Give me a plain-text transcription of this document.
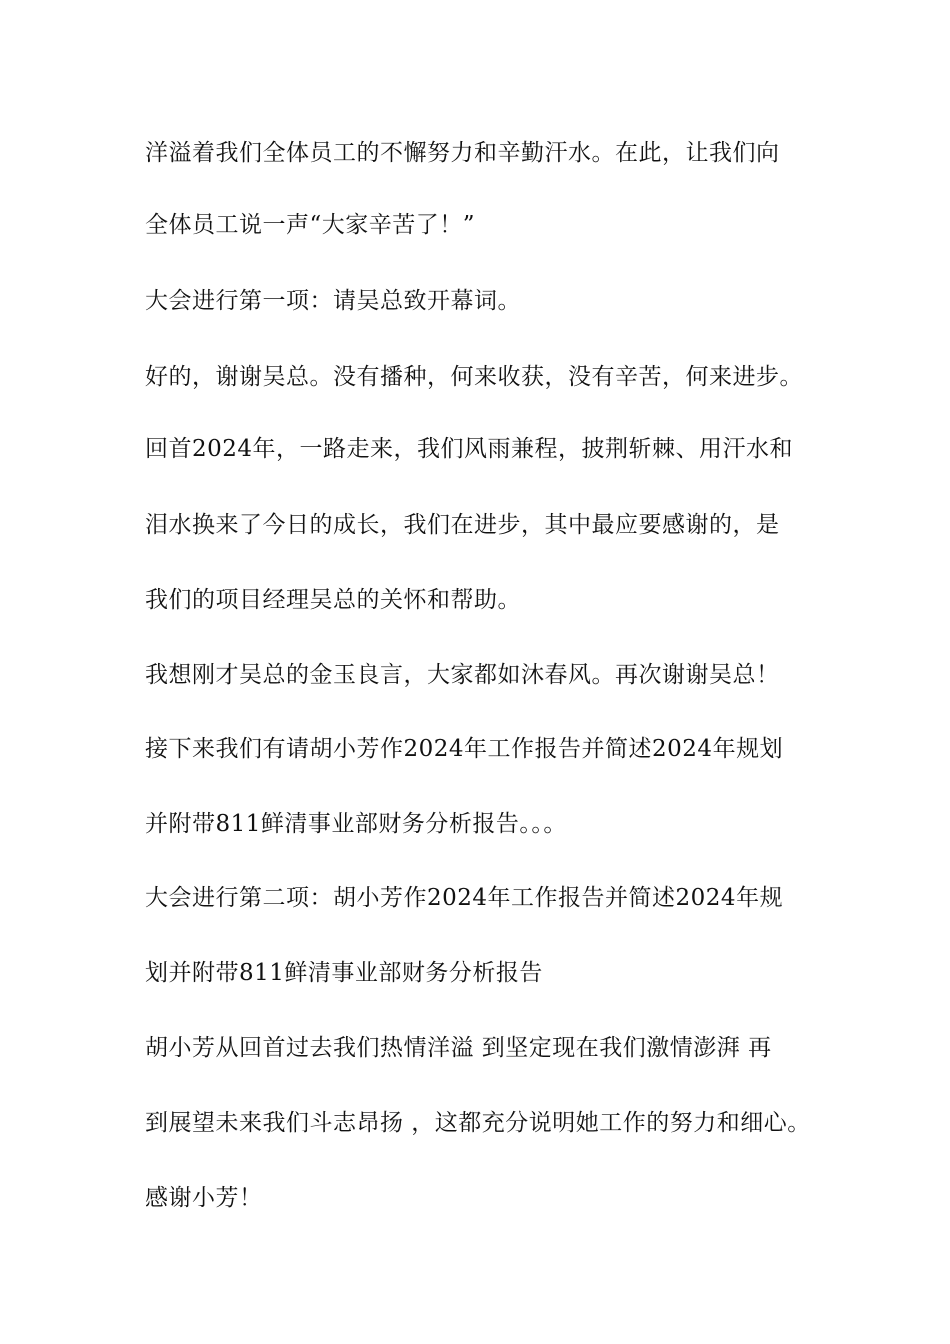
洋溢着我们全体员工的不懈努力和辛勤汗水。在此，让我们向
全体员工说一声“大家辛苦了！”
大会进行第一项：请吴总致开幕词。
好的，谢谢吴总。没有播种，何来收获，没有辛苦，何来进步。
回首2024年，一路走来，我们风雨兼程，披荆斩棘、用汗水和
泪水换来了今日的成长，我们在进步，其中最应要感谢的，是
我们的项目经理吴总的关怀和帮助。
我想刚才吴总的金玉良言，大家都如沐春风。再次谢谢吴总！
接下来我们有请胡小芳作2024年工作报告并简述2024年规划
并附带811鲜清事业部财务分析报告。。。
大会进行第二项：胡小芳作2024年工作报告并简述2024年规
划并附带811鲜清事业部财务分析报告
胡小芳从回首过去我们热情洋溢 到坚定现在我们激情澎湃 再
到展望未来我们斗志昂扬 ，这都充分说明她工作的努力和细心。
感谢小芳！
